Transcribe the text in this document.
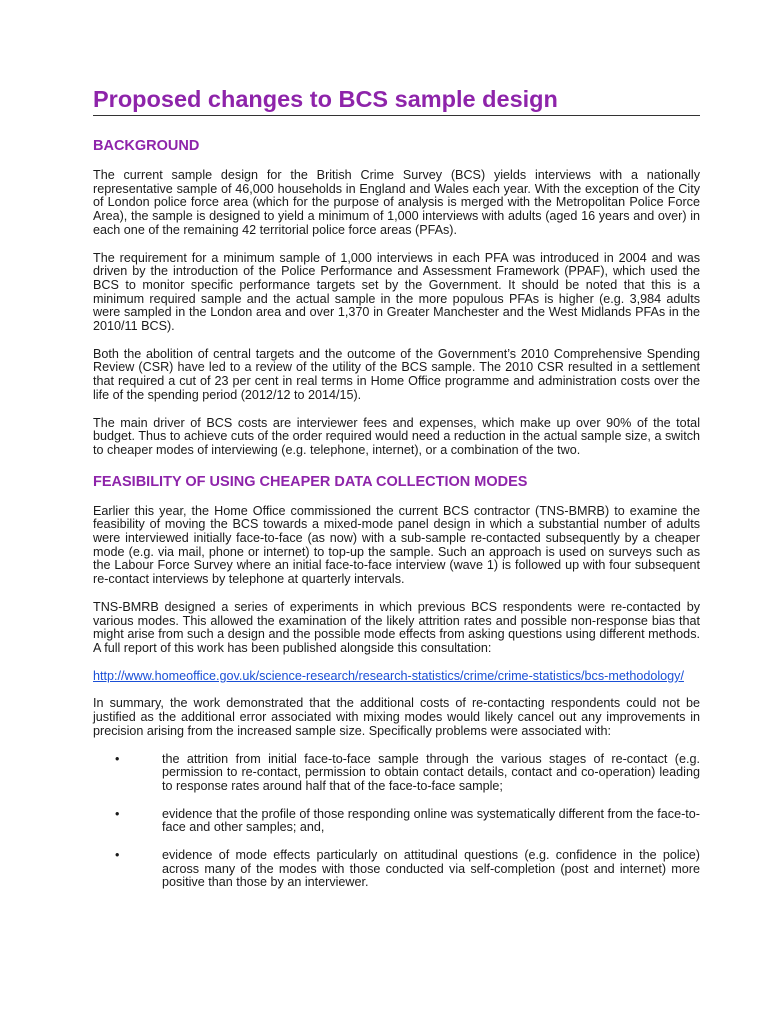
Proposed changes to BCS sample design
BACKGROUND

The current sample design for the British Crime Survey (BCS) yields interviews with a nationally representative sample of 46,000 households in England and Wales each year. With the exception of the City of London police force area (which for the purpose of analysis is merged with the Metropolitan Police Force Area), the sample is designed to yield a minimum of 1,000 interviews with adults (aged 16 years and over) in each one of the remaining 42 territorial police force areas (PFAs).

The requirement for a minimum sample of 1,000 interviews in each PFA was introduced in 2004 and was driven by the introduction of the Police Performance and Assessment Framework (PPAF), which used the BCS to monitor specific performance targets set by the Government. It should be noted that this is a minimum required sample and the actual sample in the more populous PFAs is higher (e.g. 3,984 adults were sampled in the London area and over 1,370 in Greater Manchester and the West Midlands PFAs in the 2010/11 BCS).

Both the abolition of central targets and the outcome of the Government’s 2010 Comprehensive Spending Review (CSR) have led to a review of the utility of the BCS sample. The 2010 CSR resulted in a settlement that required a cut of 23 per cent in real terms in Home Office programme and administration costs over the life of the spending period (2012/12 to 2014/15).

The main driver of BCS costs are interviewer fees and expenses, which make up over 90% of the total budget. Thus to achieve cuts of the order required would need a reduction in the actual sample size, a switch to cheaper modes of interviewing (e.g. telephone, internet), or a combination of the two.

FEASIBILITY OF USING CHEAPER DATA COLLECTION MODES

Earlier this year, the Home Office commissioned the current BCS contractor (TNS-BMRB) to examine the feasibility of moving the BCS towards a mixed-mode panel design in which a substantial number of adults were interviewed initially face-to-face (as now) with a sub-sample re-contacted subsequently by a cheaper mode (e.g. via mail, phone or internet) to top-up the sample. Such an approach is used on surveys such as the Labour Force Survey where an initial face-to-face interview (wave 1) is followed up with four subsequent re-contact interviews by telephone at quarterly intervals.

TNS-BMRB designed a series of experiments in which previous BCS respondents were re-contacted by various modes. This allowed the examination of the likely attrition rates and possible non-response bias that might arise from such a design and the possible mode effects from asking questions using different methods. A full report of this work has been published alongside this consultation:

http://www.homeoffice.gov.uk/science-research/research-statistics/crime/crime-statistics/bcs-methodology/

In summary, the work demonstrated that the additional costs of re-contacting respondents could not be justified as the additional error associated with mixing modes would likely cancel out any improvements in precision arising from the increased sample size. Specifically problems were associated with:

•	the attrition from initial face-to-face sample through the various stages of re-contact (e.g. permission to re-contact, permission to obtain contact details, contact and co-operation) leading to response rates around half that of the face-to-face sample;
•	evidence that the profile of those responding online was systematically different from the face-to-face and other samples; and,
•	evidence of mode effects particularly on attitudinal questions (e.g. confidence in the police) across many of the modes with those conducted via self-completion (post and internet) more positive than those by an interviewer.
